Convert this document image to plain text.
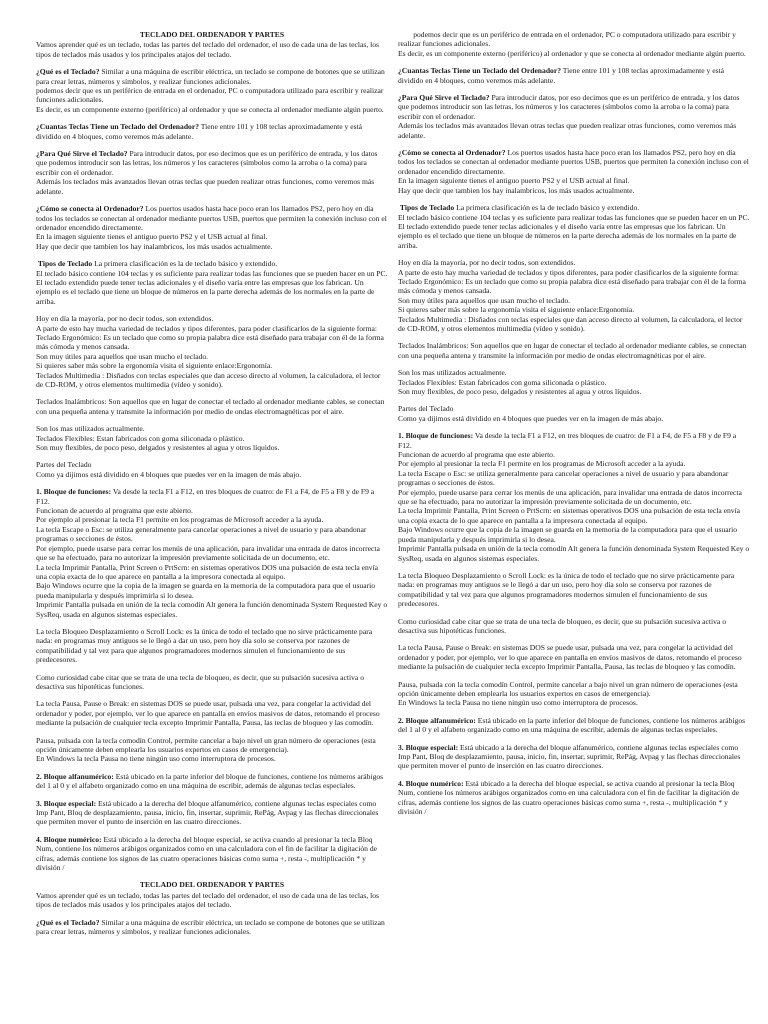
TECLADO DEL ORDENADOR Y PARTES
Vamos aprender qué es un teclado, todas las partes del teclado del ordenador, el uso de cada una de las teclas, los tipos de teclados más usados y los principales atajos del teclado.
¿Qué es el Teclado? Similar a una máquina de escribir eléctrica, un teclado se compone de botones que se utilizan para crear letras, números y símbolos, y realizar funciones adicionales.
podemos decir que es un periférico de entrada en el ordenador, PC o computadora utilizado para escribir y realizar funciones adicionales.
Es decir, es un componente externo (periférico) al ordenador y que se conecta al ordenador mediante algún puerto.
¿Cuantas Teclas Tiene un Teclado del Ordenador? Tiene entre 101 y 108 teclas aproximadamente y está dividido en 4 bloques, como veremos más adelante.
¿Para Qué Sirve el Teclado? Para introducir datos, por eso decimos que es un periférico de entrada, y los datos que podemos introducir son las letras, los números y los caracteres (símbolos como la arroba o la coma) para escribir con el ordenador.
Además los teclados más avanzados llevan otras teclas que pueden realizar otras funciones, como veremos más adelante.
¿Cómo se conecta al Ordenador? Los puertos usados hasta hace poco eran los llamados PS2, pero hoy en día todos los teclados se conectan al ordenador mediante puertos USB, puertos que permiten la conexión incluso con el ordenador encendido directamente.
En la imagen siguiente tienes el antiguo puerto PS2 y el USB actual al final.
Hay que decir que tambien los hay inalambricos, los más usados actualmente.
Tipos de Teclado La primera clasificación es la de teclado básico y extendido.
El teclado básico contiene 104 teclas y es suficiente para realizar todas las funciones que se pueden hacer en un PC.
El teclado extendido puede tener teclas adicionales y el diseño varía entre las empresas que los fabrican. Un ejemplo es el teclado que tiene un bloque de números en la parte derecha además de los normales en la parte de arriba.
Hoy en día la mayoría, por no decir todos, son extendidos.
A parte de esto hay mucha variedad de teclados y tipos diferentes, para poder clasificarlos de la siguiente forma:
Teclado Ergonómico: Es un teclado que como su propia palabra dice está diseñado para trabajar con él de la forma más cómoda y menos cansada.
Son muy útiles para aquellos que usan mucho el teclado.
Si quieres saber más sobre la ergonomía visita el siguiente enlace:Ergonomía.
Teclados Multimedia : Disñados con teclas especiales que dan acceso directo al volumen, la calculadora, el lector de CD-ROM, y otros elementos multimedia (vídeo y sonido).
Teclados Inalámbricos: Son aquellos que en lugar de conectar el teclado al ordenador mediante cables, se conectan con una pequeña antena y transmite la información por medio de ondas electromagnéticas por el aire.
Son los mas utilizados actualmente.
Teclados Flexibles: Estan fabricados con goma siliconada o plástico.
Son muy flexibles, de poco peso, delgados y resistentes al agua y otros líquidos.
Partes del Teclado
Como ya dijimos está dividido en 4 bloques que puedes ver en la imagen de más abajo.
1. Bloque de funciones: Va desde la tecla F1 a F12, en tres bloques de cuatro: de F1 a F4, de F5 a F8 y de F9 a F12.
Funcionan de acuerdo al programa que este abierto.
Por ejemplo al presionar la tecla F1 permite en los programas de Microsoft acceder a la ayuda.
La tecla Escape o Esc: se utiliza generalmente para cancelar operaciones a nivel de usuario y para abandonar programas o secciones de éstos.
Por ejemplo, puede usarse para cerrar los menús de una aplicación, para invalidar una entrada de datos incorrecta que se ha efectuado, para no autorizar la impresión previamente solicitada de un documento, etc.
La tecla Imprimir Pantalla, Print Screen o PrtScrn: en sistemas operativos DOS una pulsación de esta tecla envía una copia exacta de lo que aparece en pantalla a la impresora conectada al equipo.
Bajo Windows ocurre que la copia de la imagen se guarda en la memoria de la computadora para que el usuario pueda manipularla y después imprimirla si lo desea.
Imprimir Pantalla pulsada en unión de la tecla comodín Alt genera la función denominada System Requested Key o SysReq, usada en algunos sistemas especiales.
La tecla Bloqueo Desplazamiento o Scroll Lock: es la única de todo el teclado que no sirve prácticamente para nada: en programas muy antiguos se le llegó a dar un uso, pero hoy día solo se conserva por razones de compatibilidad y tal vez para que algunos programadores modernos simulen el funcionamiento de sus predecesores.
Como curiosidad cabe citar que se trata de una tecla de bloqueo, es decir, que su pulsación sucesiva activa o desactiva sus hipotéticas funciones.
La tecla Pausa, Pause o Break: en sistemas DOS se puede usar, pulsada una vez, para congelar la actividad del ordenador y poder, por ejemplo, ver lo que aparece en pantalla en envíos masivos de datos, retomando el proceso mediante la pulsación de cualquier tecla excepto Imprimir Pantalla, Pausa, las teclas de bloqueo y las comodín.
Pausa, pulsada con la tecla comodín Control, permite cancelar a bajo nivel un gran número de operaciones (esta opción únicamente deben emplearla los usuarios expertos en casos de emergencia).
En Windows la tecla Pausa no tiene ningún uso como interruptora de procesos.
2. Bloque alfanumérico: Está ubicado en la parte inferior del bloque de funciones, contiene los números arábigos del 1 al 0 y el alfabeto organizado como en una máquina de escribir, además de algunas teclas especiales.
3. Bloque especial: Está ubicado a la derecha del bloque alfanumérico, contiene algunas teclas especiales como Imp Pant, Bloq de desplazamiento, pausa, inicio, fin, insertar, suprimir, RePág, Avpag y las flechas direccionales que permiten mover el punto de inserción en las cuatro direcciones.
4. Bloque numérico: Está ubicado a la derecha del bloque especial, se activa cuando al presionar la tecla Bloq Num, contiene los números arábigos organizados como en una calculadora con el fin de facilitar la digitación de cifras, además contiene los signos de las cuatro operaciones básicas como suma +, resta -, multiplicación * y división /
TECLADO DEL ORDENADOR Y PARTES
Vamos aprender qué es un teclado, todas las partes del teclado del ordenador, el uso de cada una de las teclas, los tipos de teclados más usados y los principales atajos del teclado.
¿Qué es el Teclado? Similar a una máquina de escribir eléctrica, un teclado se compone de botones que se utilizan para crear letras, números y símbolos, y realizar funciones adicionales.
podemos decir que es un periférico de entrada en el ordenador, PC o computadora utilizado para escribir y realizar funciones adicionales.
Es decir, es un componente externo (periférico) al ordenador y que se conecta al ordenador mediante algún puerto.
¿Cuantas Teclas Tiene un Teclado del Ordenador? Tiene entre 101 y 108 teclas aproximadamente y está dividido en 4 bloques, como veremos más adelante.
¿Para Qué Sirve el Teclado? Para introducir datos, por eso decimos que es un periférico de entrada, y los datos que podemos introducir son las letras, los números y los caracteres (símbolos como la arroba o la coma) para escribir con el ordenador.
Además los teclados más avanzados llevan otras teclas que pueden realizar otras funciones, como veremos más adelante.
¿Cómo se conecta al Ordenador? Los puertos usados hasta hace poco eran los llamados PS2, pero hoy en día todos los teclados se conectan al ordenador mediante puertos USB, puertos que permiten la conexión incluso con el ordenador encendido directamente.
En la imagen siguiente tienes el antiguo puerto PS2 y el USB actual al final.
Hay que decir que tambien los hay inalambricos, los más usados actualmente.
Tipos de Teclado La primera clasificación es la de teclado básico y extendido.
El teclado básico contiene 104 teclas y es suficiente para realizar todas las funciones que se pueden hacer en un PC.
El teclado extendido puede tener teclas adicionales y el diseño varía entre las empresas que los fabrican. Un ejemplo es el teclado que tiene un bloque de números en la parte derecha además de los normales en la parte de arriba.
Hoy en día la mayoría, por no decir todos, son extendidos.
A parte de esto hay mucha variedad de teclados y tipos diferentes, para poder clasificarlos de la siguiente forma:
Teclado Ergonómico: Es un teclado que como su propia palabra dice está diseñado para trabajar con él de la forma más cómoda y menos cansada.
Son muy útiles para aquellos que usan mucho el teclado.
Si quieres saber más sobre la ergonomía visita el siguiente enlace:Ergonomía.
Teclados Multimedia : Disñados con teclas especiales que dan acceso directo al volumen, la calculadora, el lector de CD-ROM, y otros elementos multimedia (vídeo y sonido).
Teclados Inalámbricos: Son aquellos que en lugar de conectar el teclado al ordenador mediante cables, se conectan con una pequeña antena y transmite la información por medio de ondas electromagnéticas por el aire.
Son los mas utilizados actualmente.
Teclados Flexibles: Estan fabricados con goma siliconada o plástico.
Son muy flexibles, de poco peso, delgados y resistentes al agua y otros líquidos.
Partes del Teclado
Como ya dijimos está dividido en 4 bloques que puedes ver en la imagen de más abajo.
1. Bloque de funciones: Va desde la tecla F1 a F12, en tres bloques de cuatro: de F1 a F4, de F5 a F8 y de F9 a F12.
Funcionan de acuerdo al programa que este abierto.
Por ejemplo al presionar la tecla F1 permite en los programas de Microsoft acceder a la ayuda.
La tecla Escape o Esc: se utiliza generalmente para cancelar operaciones a nivel de usuario y para abandonar programas o secciones de éstos.
Por ejemplo, puede usarse para cerrar los menús de una aplicación, para invalidar una entrada de datos incorrecta que se ha efectuado, para no autorizar la impresión previamente solicitada de un documento, etc.
La tecla Imprimir Pantalla, Print Screen o PrtScrn: en sistemas operativos DOS una pulsación de esta tecla envía una copia exacta de lo que aparece en pantalla a la impresora conectada al equipo.
Bajo Windows ocurre que la copia de la imagen se guarda en la memoria de la computadora para que el usuario pueda manipularla y después imprimirla si lo desea.
Imprimir Pantalla pulsada en unión de la tecla comodín Alt genera la función denominada System Requested Key o SysReq, usada en algunos sistemas especiales.
La tecla Bloqueo Desplazamiento o Scroll Lock: es la única de todo el teclado que no sirve prácticamente para nada: en programas muy antiguos se le llegó a dar un uso, pero hoy día solo se conserva por razones de compatibilidad y tal vez para que algunos programadores modernos simulen el funcionamiento de sus predecesores.
Como curiosidad cabe citar que se trata de una tecla de bloqueo, es decir, que su pulsación sucesiva activa o desactiva sus hipotéticas funciones.
La tecla Pausa, Pause o Break: en sistemas DOS se puede usar, pulsada una vez, para congelar la actividad del ordenador y poder, por ejemplo, ver lo que aparece en pantalla en envíos masivos de datos, retomando el proceso mediante la pulsación de cualquier tecla excepto Imprimir Pantalla, Pausa, las teclas de bloqueo y las comodín.
Pausa, pulsada con la tecla comodín Control, permite cancelar a bajo nivel un gran número de operaciones (esta opción únicamente deben emplearla los usuarios expertos en casos de emergencia).
En Windows la tecla Pausa no tiene ningún uso como interruptora de procesos.
2. Bloque alfanumérico: Está ubicado en la parte inferior del bloque de funciones, contiene los números arábigos del 1 al 0 y el alfabeto organizado como en una máquina de escribir, además de algunas teclas especiales.
3. Bloque especial: Está ubicado a la derecha del bloque alfanumérico, contiene algunas teclas especiales como Imp Pant, Bloq de desplazamiento, pausa, inicio, fin, insertar, suprimir, RePág, Avpag y las flechas direccionales que permiten mover el punto de inserción en las cuatro direcciones.
4. Bloque numérico: Está ubicado a la derecha del bloque especial, se activa cuando al presionar la tecla Bloq Num, contiene los números arábigos organizados como en una calculadora con el fin de facilitar la digitación de cifras, además contiene los signos de las cuatro operaciones básicas como suma +, resta -, multiplicación * y división /
